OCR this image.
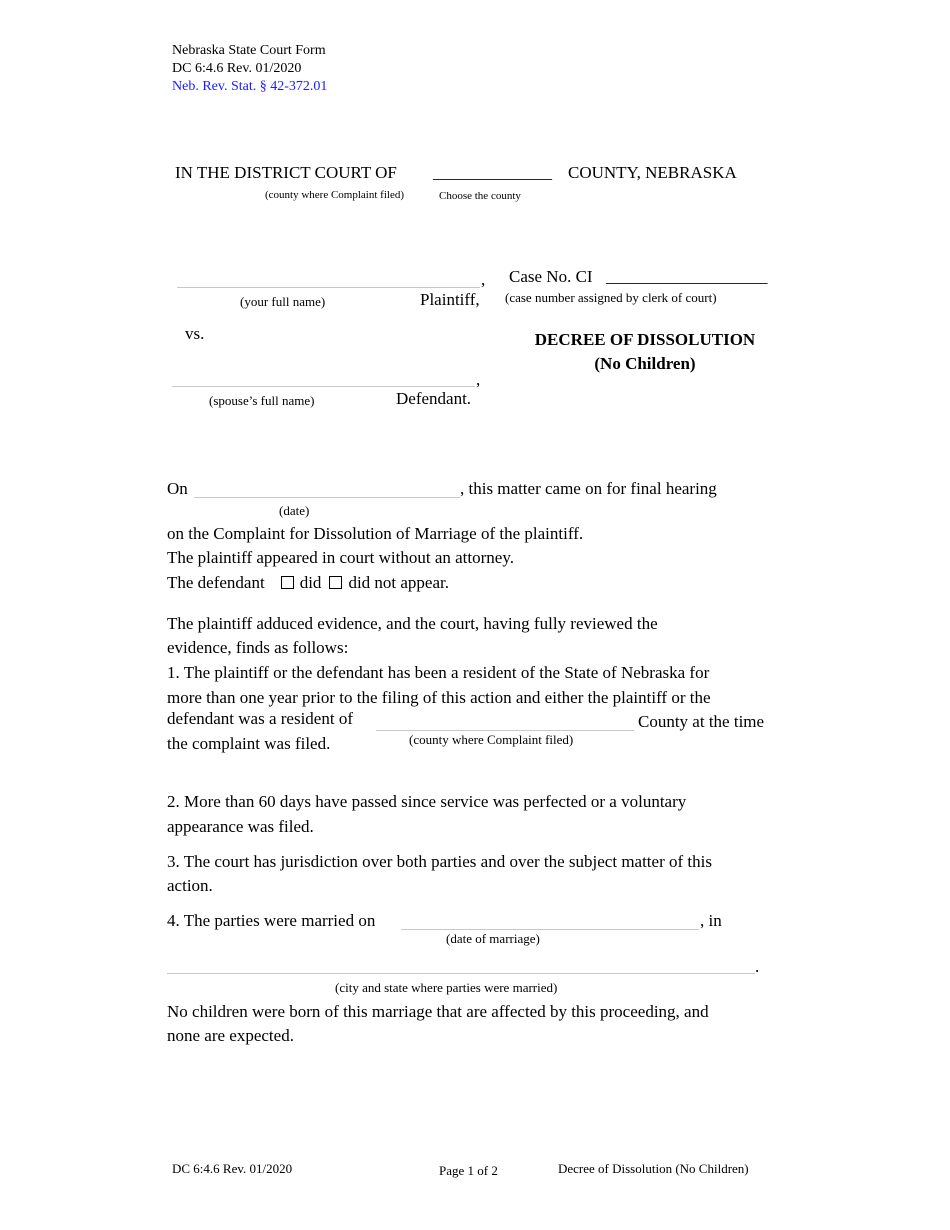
Nebraska State Court Form
DC 6:4.6 Rev. 01/2020
Neb. Rev. Stat. § 42-372.01
IN THE DISTRICT COURT OF ______________ COUNTY, NEBRASKA
(county where Complaint filed)	Choose the county
,
(your full name)	Plaintiff,
vs.
,
(spouse’s full name)	Defendant.
Case No. CI ___________________
(case number assigned by clerk of court)
DECREE OF DISSOLUTION
(No Children)
On	, this matter came on for final hearing
(date)
on the Complaint for Dissolution of Marriage of the plaintiff.
The plaintiff appeared in court without an attorney.
The defendant did did not appear.
The plaintiff adduced evidence, and the court, having fully reviewed the
evidence, finds as follows:
1. The plaintiff or the defendant has been a resident of the State of Nebraska for
more than one year prior to the filing of this action and either the plaintiff or the
defendant was a resident of	County at the time
the complaint was filed.	(county where Complaint filed)
2. More than 60 days have passed since service was perfected or a voluntary
appearance was filed.
3. The court has jurisdiction over both parties and over the subject matter of this
action.
4. The parties were married on	, in
(date of marriage)
.
(city and state where parties were married)
No children were born of this marriage that are affected by this proceeding, and
none are expected.
DC 6:4.6 Rev. 01/2020	Page 1 of 2	Decree of Dissolution (No Children)
